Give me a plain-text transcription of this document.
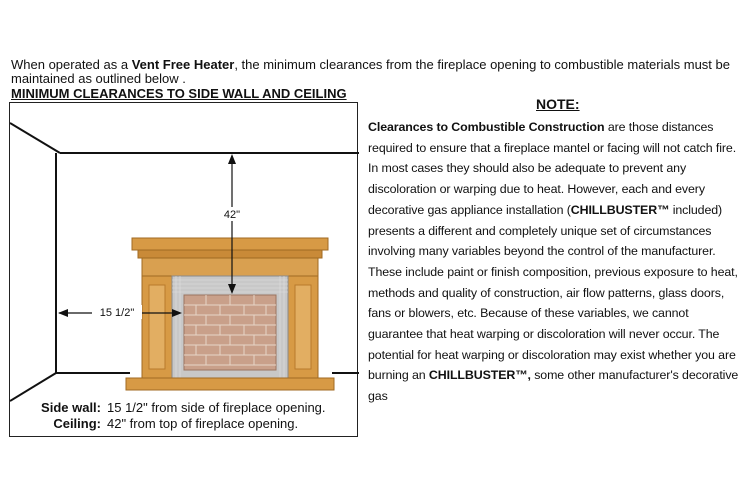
When operated as a Vent Free Heater, the minimum clearances from the fireplace opening to combustible materials must be maintained as outlined below .
MINIMUM CLEARANCES TO SIDE WALL AND CEILING
42"
15 1/2"
Side wall: 15 1/2" from side of fireplace opening.
Ceiling: 42" from top of fireplace opening.
NOTE:
Clearances to Combustible Construction are those distances required to ensure that a fireplace mantel or facing will not catch fire. In most cases they should also be adequate to prevent any discoloration or warping due to heat. However, each and every decorative gas appliance installation (CHILLBUSTER™ included) presents a different and completely unique set of circumstances involving many variables beyond the control of the manufacturer. These include paint or finish composition, previous exposure to heat, methods and quality of construction, air flow patterns, glass doors, fans or blowers, etc. Because of these variables, we cannot guarantee that heat warping or discoloration will never occur. The potential for heat warping or discoloration may exist whether you are burning an CHILLBUSTER™, some other manufacturer's decorative gas
